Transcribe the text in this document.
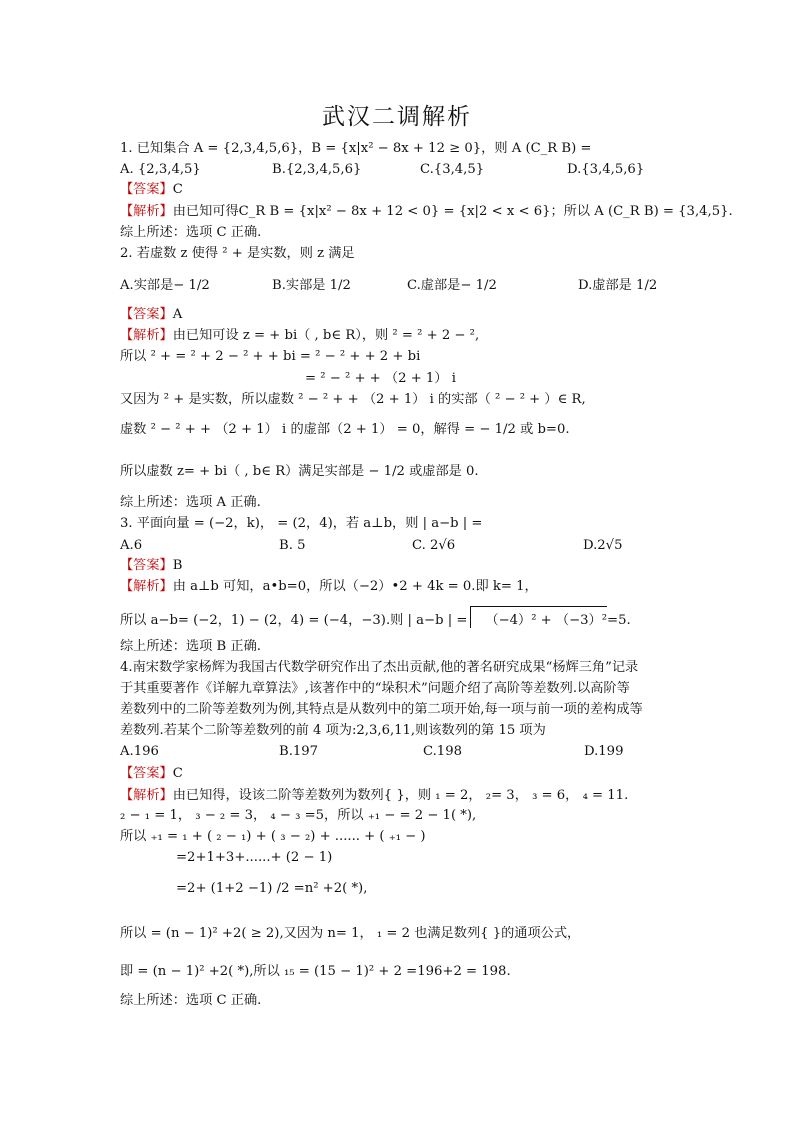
武汉二调解析
1. 已知集合 A = {2,3,4,5,6}，B = {x|x² − 8x + 12 ≥ 0}，则 A (C_R B) =
A. {2,3,4,5}	B.{2,3,4,5,6}	C.{3,4,5}	D.{3,4,5,6}
【答案】C
【解析】由已知可得C_R B = {x|x² − 8x + 12 < 0} = {x|2 < x < 6}；所以 A (C_R B) = {3,4,5}.
综上所述：选项 C 正确.
2. 若虚数 z 使得 ² + 是实数，则 z 满足
A.实部是− 1/2	B.实部是 1/2	C.虚部是− 1/2	D.虚部是 1/2
【答案】A
【解析】由已知可设 z = + bi（ , b∈ R），则 ² = ² + 2 − ²,
所以 ² + = ² + 2 − ² + + bi = ² − ² + + 2 + bi
= ² − ² + + （2 + 1） i
又因为 ² + 是实数，所以虚数 ² − ² + + （2 + 1） i 的实部（ ² − ² + ）∈ R,
虚数 ² − ² + + （2 + 1） i 的虚部（2 + 1） = 0，解得 = − 1/2 或 b=0.
所以虚数 z= + bi（ , b∈ R）满足实部是 − 1/2 或虚部是 0.
综上所述：选项 A 正确.
3. 平面向量 = (−2，k)， = (2，4)，若 a⊥b，则 | a−b | =
A.6	B. 5	C. 2√6	D.2√5
【答案】B
【解析】由 a⊥b 可知，a•b=0，所以（−2）•2 + 4k = 0.即 k= 1，
所以 a−b= (−2，1) − (2，4) = (−4，−3).则 | a−b | = （−4）² + （−3）²=5.
综上所述：选项 B 正确.
4.南宋数学家杨辉为我国古代数学研究作出了杰出贡献,他的著名研究成果“杨辉三角”记录
于其重要著作《详解九章算法》,该著作中的“垛积术”问题介绍了高阶等差数列.以高阶等
差数列中的二阶等差数列为例,其特点是从数列中的第二项开始,每一项与前一项的差构成等
差数列.若某个二阶等差数列的前 4 项为:2,3,6,11,则该数列的第 15 项为
A.196	B.197	C.198	D.199
【答案】C
【解析】由已知得，设该二阶等差数列为数列{ }，则 ₁ = 2， ₂= 3， ₃ = 6， ₄ = 11.
₂ − ₁ = 1， ₃ − ₂ = 3， ₄ − ₃ =5，所以 ₊₁ − = 2 − 1( *),
所以 ₊₁ = ₁ + ( ₂ − ₁) + ( ₃ − ₂) + ...... + ( ₊₁ − )
=2+1+3+......+ (2 − 1)
=2+ (1+2 −1) /2 =n² +2( *),
所以 = (n − 1)² +2( ≥ 2),又因为 n= 1， ₁ = 2 也满足数列{ }的通项公式，
即 = (n − 1)² +2( *),所以 ₁₅ = (15 − 1)² + 2 =196+2 = 198.
综上所述：选项 C 正确.
